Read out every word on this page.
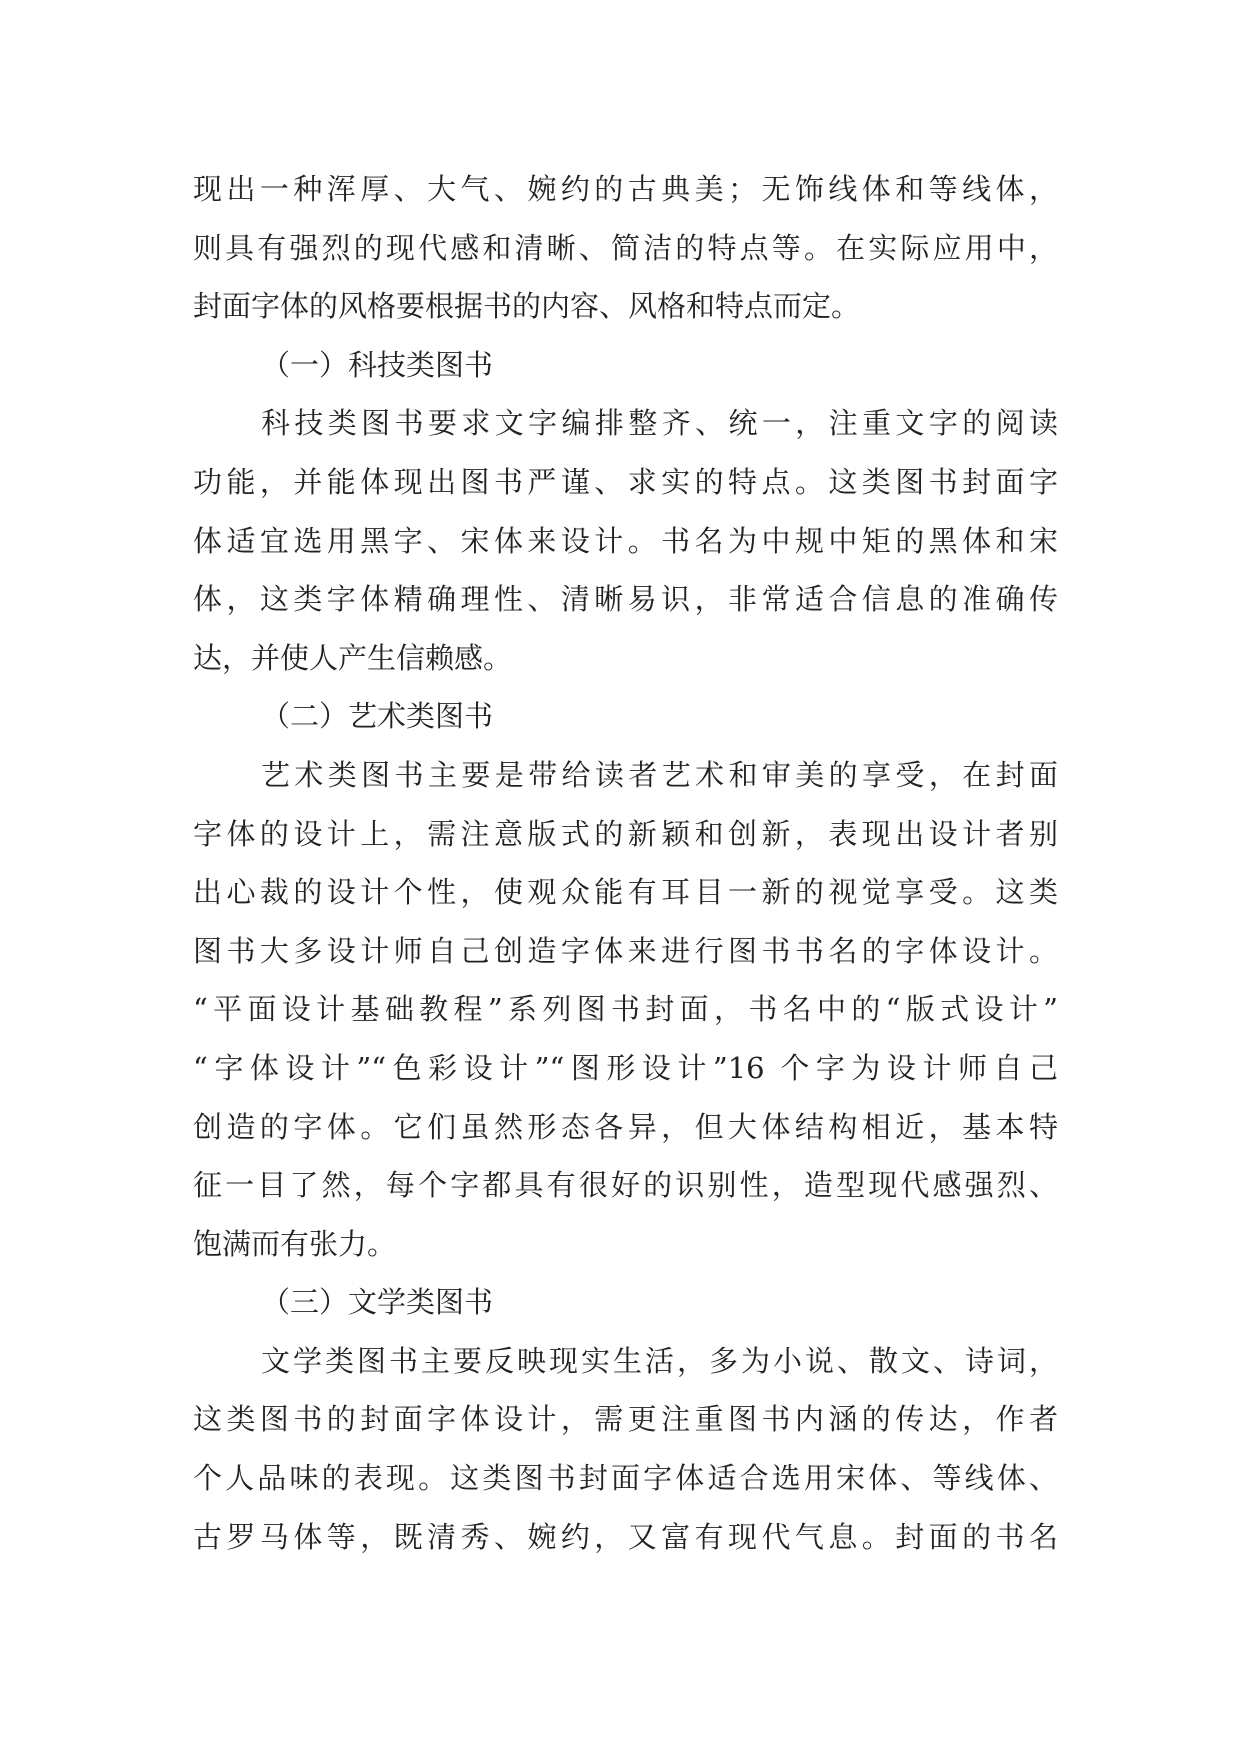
现出一种浑厚、大气、婉约的古典美；无饰线体和等线体，
则具有强烈的现代感和清晰、简洁的特点等。在实际应用中，
封面字体的风格要根据书的内容、风格和特点而定。
（一）科技类图书
科技类图书要求文字编排整齐、统一，注重文字的阅读
功能，并能体现出图书严谨、求实的特点。这类图书封面字
体适宜选用黑字、宋体来设计。书名为中规中矩的黑体和宋
体，这类字体精确理性、清晰易识，非常适合信息的准确传
达，并使人产生信赖感。
（二）艺术类图书
艺术类图书主要是带给读者艺术和审美的享受，在封面
字体的设计上，需注意版式的新颖和创新，表现出设计者别
出心裁的设计个性，使观众能有耳目一新的视觉享受。这类
图书大多设计师自己创造字体来进行图书书名的字体设计。
“平面设计基础教程”系列图书封面，书名中的“版式设计”
“字体设计”“色彩设计”“图形设计”16 个字为设计师自己
创造的字体。它们虽然形态各异，但大体结构相近，基本特
征一目了然，每个字都具有很好的识别性，造型现代感强烈、
饱满而有张力。
（三）文学类图书
文学类图书主要反映现实生活，多为小说、散文、诗词，
这类图书的封面字体设计，需更注重图书内涵的传达，作者
个人品味的表现。这类图书封面字体适合选用宋体、等线体、
古罗马体等，既清秀、婉约，又富有现代气息。封面的书名
